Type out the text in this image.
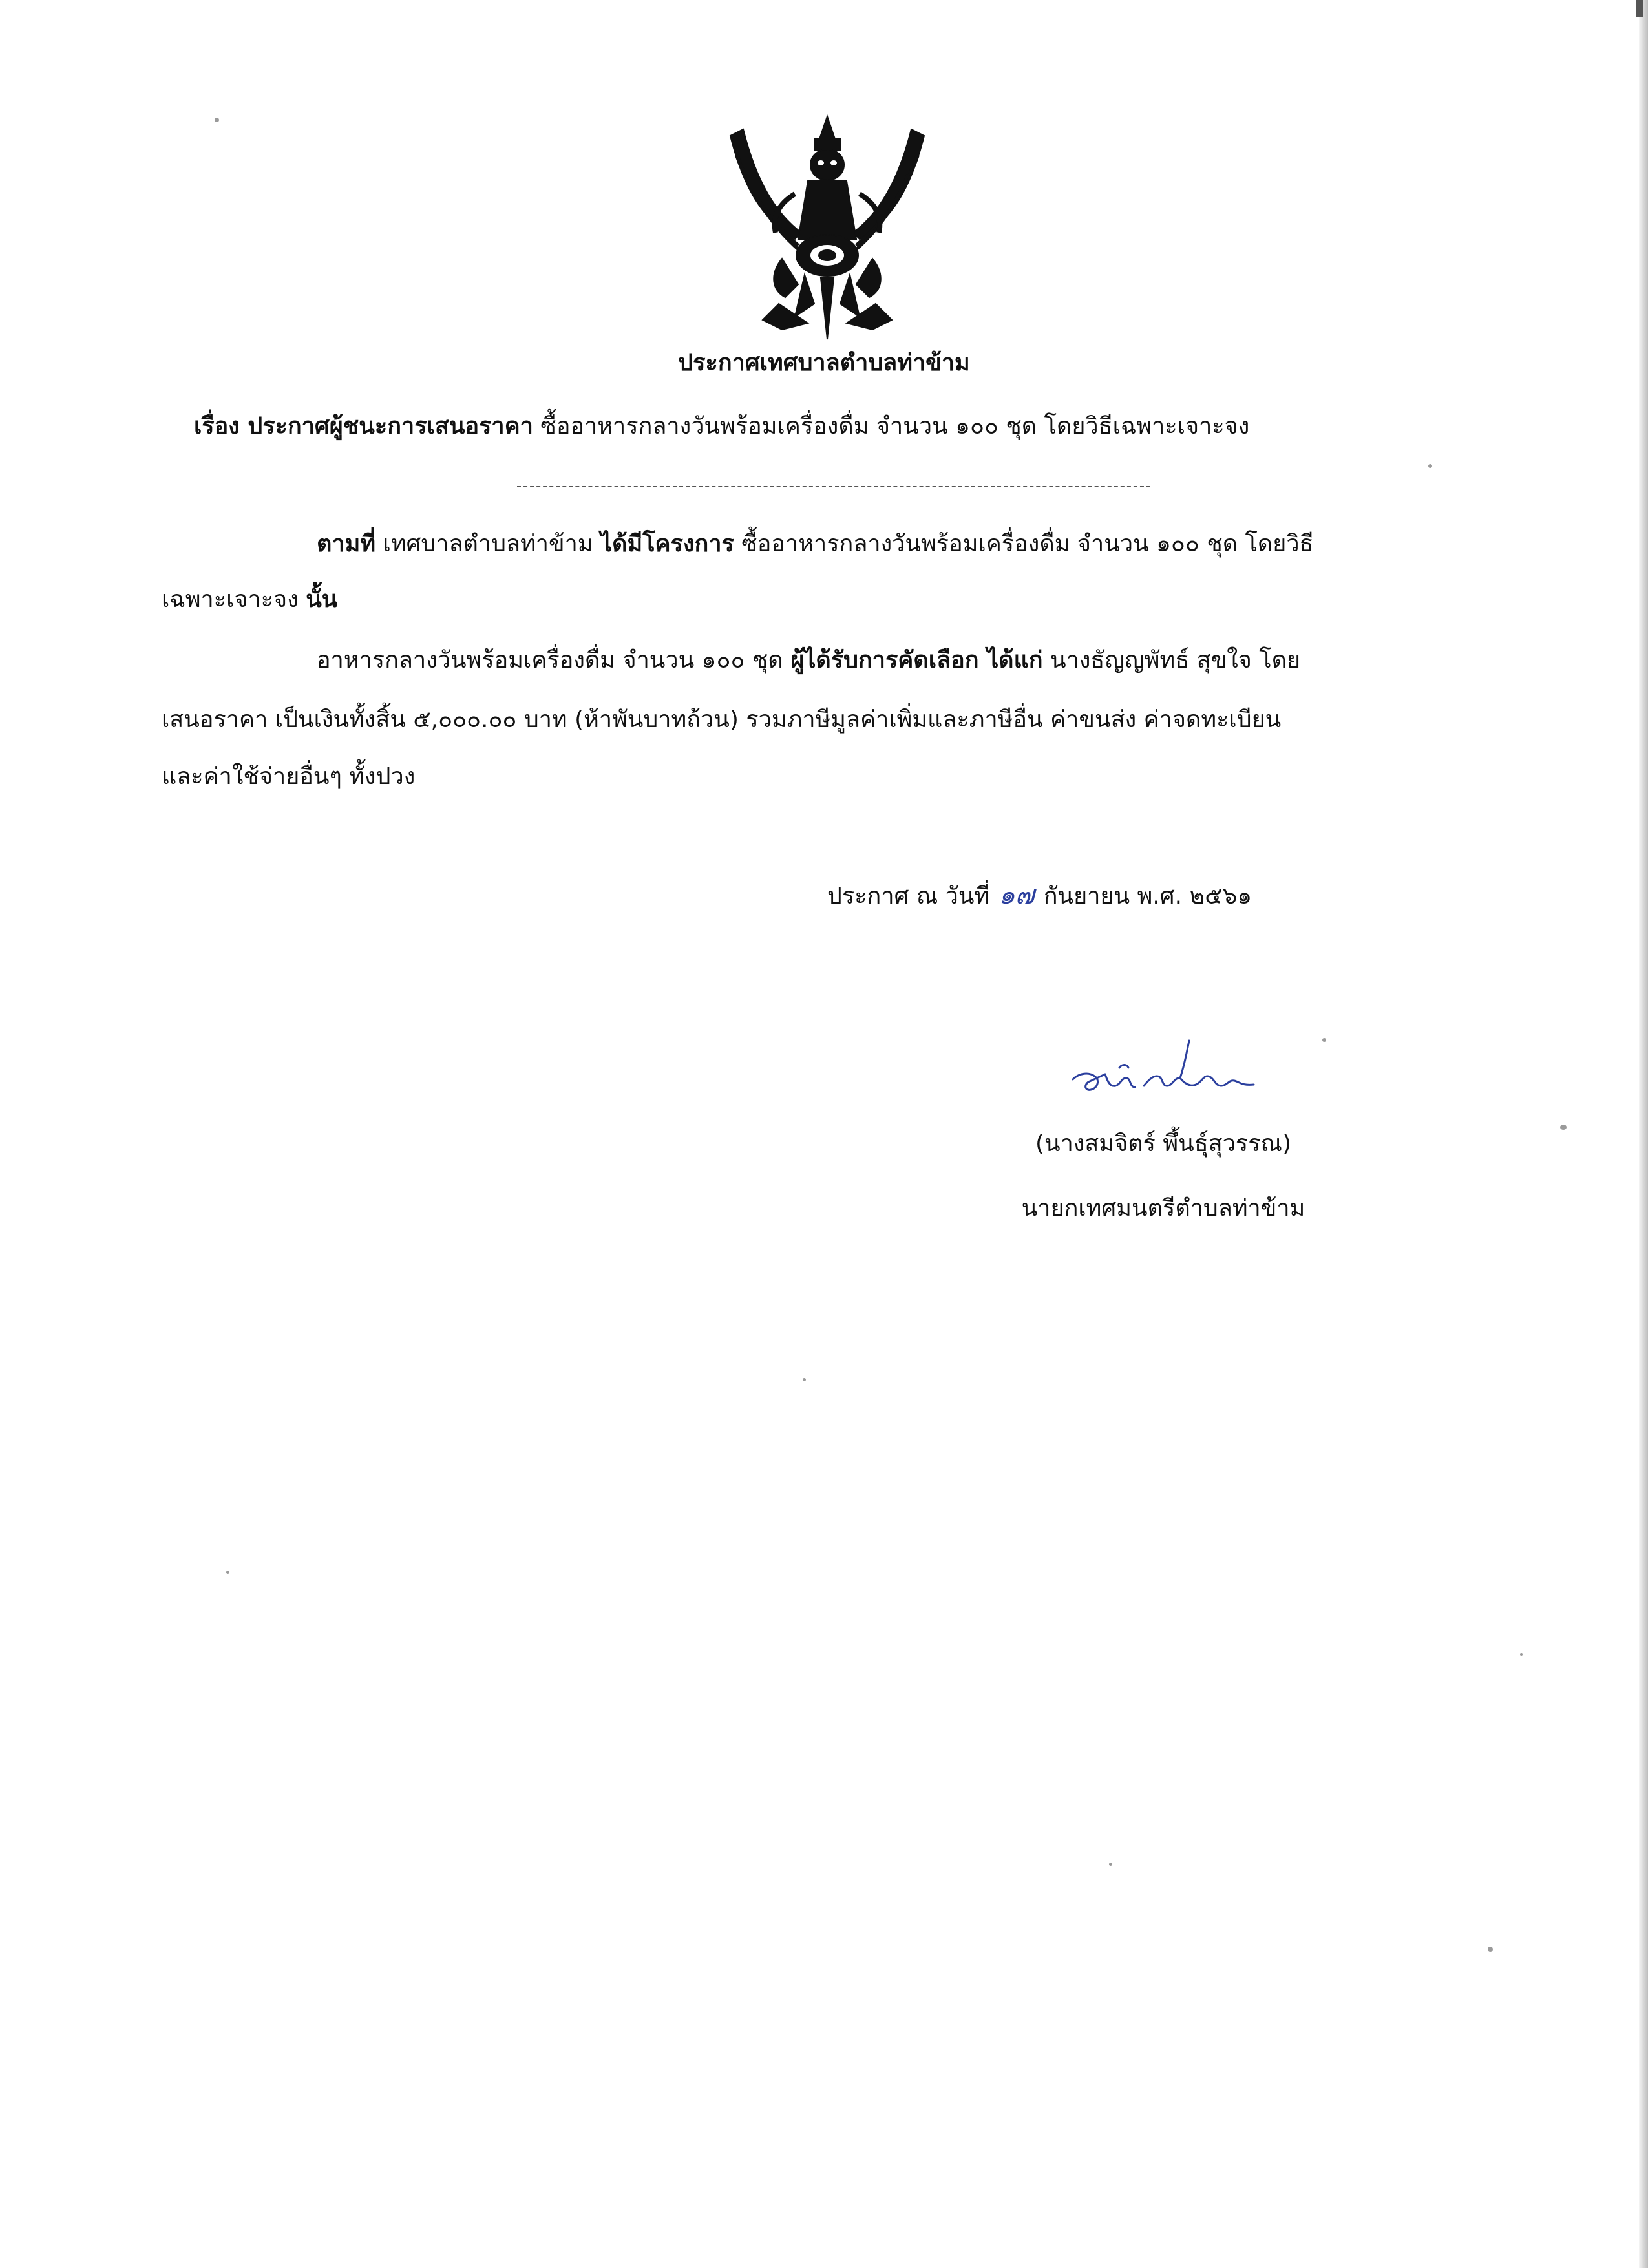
ประกาศเทศบาลตำบลท่าข้าม
เรื่อง ประกาศผู้ชนะการเสนอราคา ซื้ออาหารกลางวันพร้อมเครื่องดื่ม จำนวน ๑๐๐ ชุด โดยวิธีเฉพาะเจาะจง
ตามที่ เทศบาลตำบลท่าข้าม ได้มีโครงการ ซื้ออาหารกลางวันพร้อมเครื่องดื่ม จำนวน ๑๐๐ ชุด โดยวิธี
เฉพาะเจาะจง นั้น
อาหารกลางวันพร้อมเครื่องดื่ม จำนวน ๑๐๐ ชุด ผู้ได้รับการคัดเลือก ได้แก่ นางธัญญพัทธ์ สุขใจ โดย
เสนอราคา เป็นเงินทั้งสิ้น ๕,๐๐๐.๐๐ บาท (ห้าพันบาทถ้วน) รวมภาษีมูลค่าเพิ่มและภาษีอื่น ค่าขนส่ง ค่าจดทะเบียน
และค่าใช้จ่ายอื่นๆ ทั้งปวง
ประกาศ ณ วันที่ ๑๗ กันยายน พ.ศ. ๒๕๖๑
(นางสมจิตร์ พึ้นธุ์สุวรรณ)
นายกเทศมนตรีตำบลท่าข้าม
